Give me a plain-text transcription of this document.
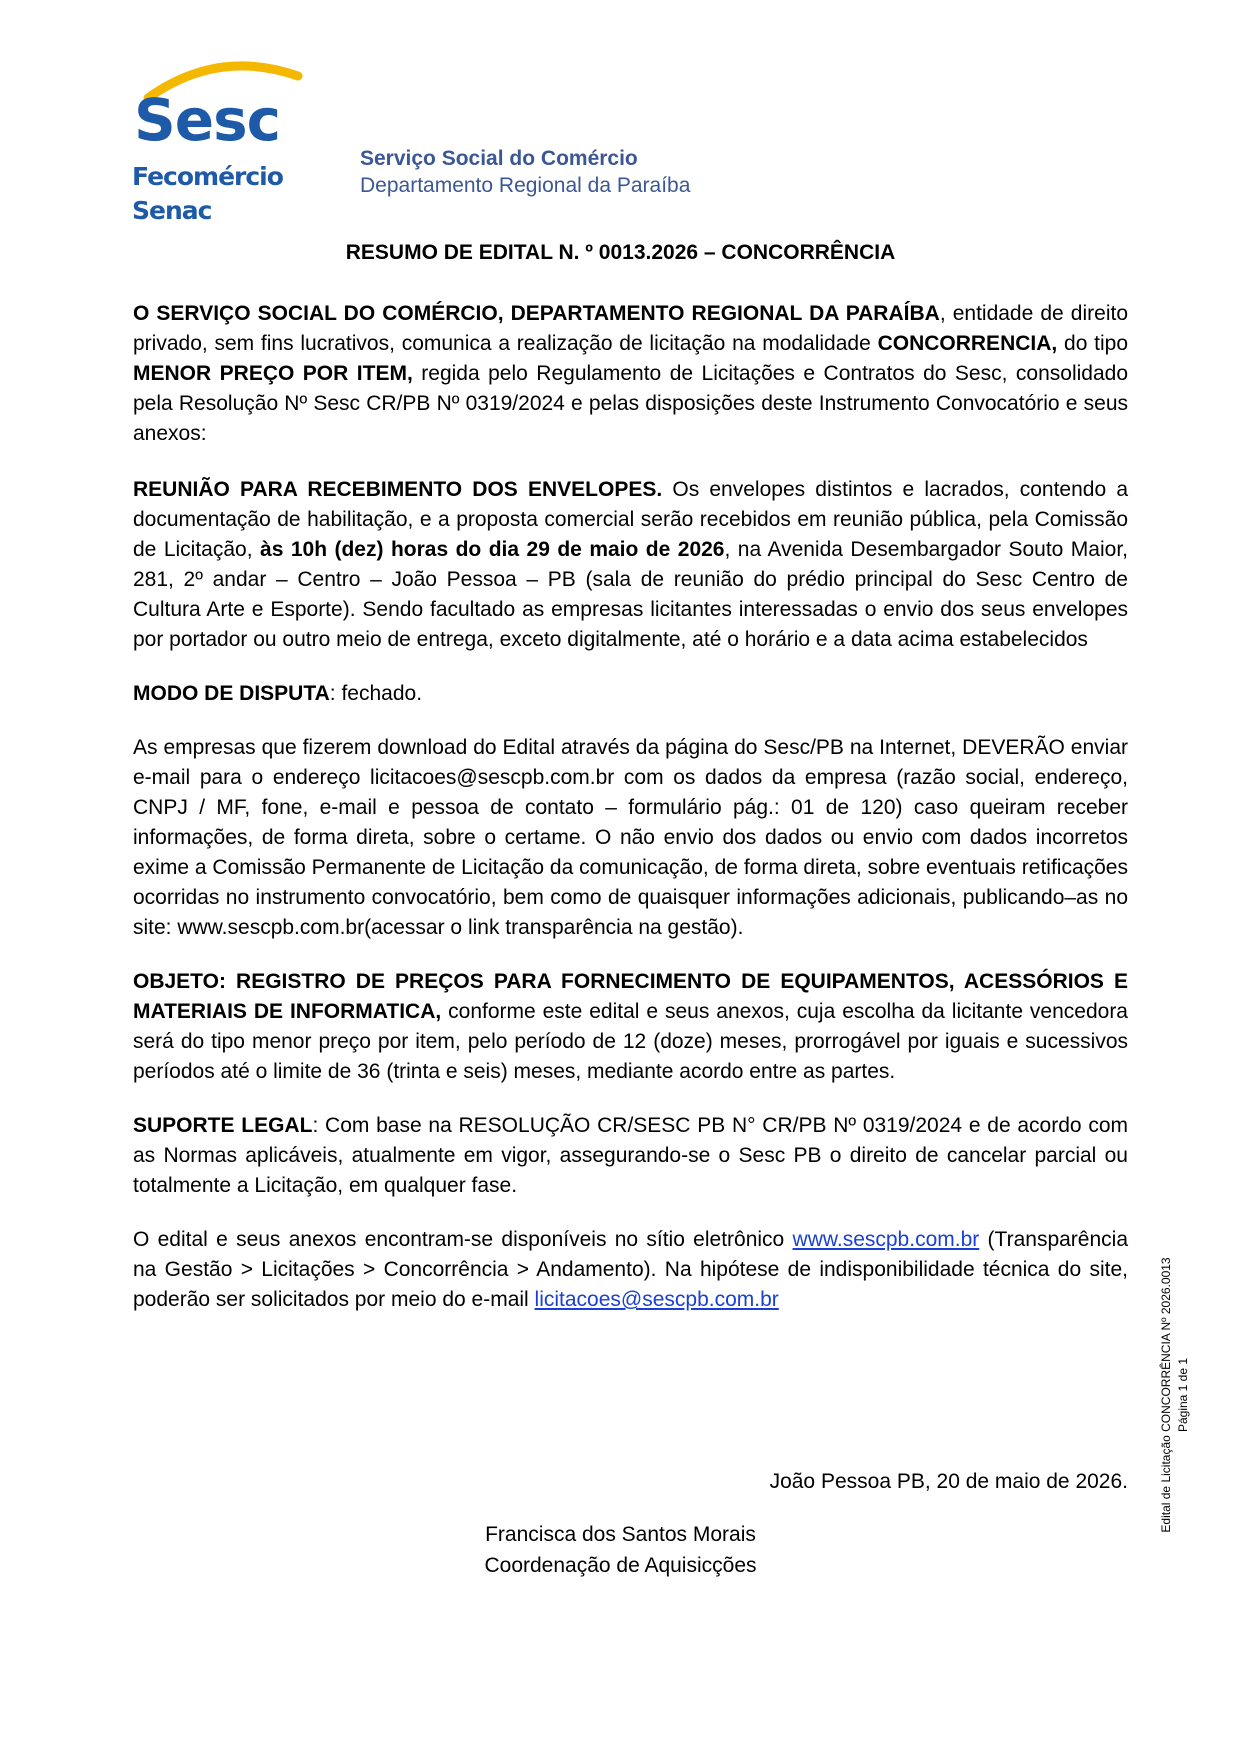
Sesc
Fecomércio
Senac
Serviço Social do Comércio
Departamento Regional da Paraíba
RESUMO DE EDITAL N. º 0013.2026 – CONCORRÊNCIA

O SERVIÇO SOCIAL DO COMÉRCIO, DEPARTAMENTO REGIONAL DA PARAÍBA, entidade de direito privado, sem fins lucrativos, comunica a realização de licitação na modalidade CONCORRENCIA, do tipo MENOR PREÇO POR ITEM, regida pelo Regulamento de Licitações e Contratos do Sesc, consolidado pela Resolução Nº Sesc CR/PB Nº 0319/2024 e pelas disposições deste Instrumento Convocatório e seus anexos:

REUNIÃO PARA RECEBIMENTO DOS ENVELOPES. Os envelopes distintos e lacrados, contendo a documentação de habilitação, e a proposta comercial serão recebidos em reunião pública, pela Comissão de Licitação, às 10h (dez) horas do dia 29 de maio de 2026, na Avenida Desembargador Souto Maior, 281, 2º andar – Centro – João Pessoa – PB (sala de reunião do prédio principal do Sesc Centro de Cultura Arte e Esporte). Sendo facultado as empresas licitantes interessadas o envio dos seus envelopes por portador ou outro meio de entrega, exceto digitalmente, até o horário e a data acima estabelecidos

MODO DE DISPUTA: fechado.

As empresas que fizerem download do Edital através da página do Sesc/PB na Internet, DEVERÃO enviar e-mail para o endereço licitacoes@sescpb.com.br com os dados da empresa (razão social, endereço, CNPJ / MF, fone, e-mail e pessoa de contato – formulário pág.: 01 de 120) caso queiram receber informações, de forma direta, sobre o certame. O não envio dos dados ou envio com dados incorretos exime a Comissão Permanente de Licitação da comunicação, de forma direta, sobre eventuais retificações ocorridas no instrumento convocatório, bem como de quaisquer informações adicionais, publicando–as no site: www.sescpb.com.br(acessar o link transparência na gestão).

OBJETO: REGISTRO DE PREÇOS PARA FORNECIMENTO DE EQUIPAMENTOS, ACESSÓRIOS E MATERIAIS DE INFORMATICA, conforme este edital e seus anexos, cuja escolha da licitante vencedora será do tipo menor preço por item, pelo período de 12 (doze) meses, prorrogável por iguais e sucessivos períodos até o limite de 36 (trinta e seis) meses, mediante acordo entre as partes.

SUPORTE LEGAL: Com base na RESOLUÇÃO CR/SESC PB N° CR/PB Nº 0319/2024 e de acordo com as Normas aplicáveis, atualmente em vigor, assegurando-se o Sesc PB o direito de cancelar parcial ou totalmente a Licitação, em qualquer fase.

O edital e seus anexos encontram-se disponíveis no sítio eletrônico www.sescpb.com.br (Transparência na Gestão > Licitações > Concorrência > Andamento). Na hipótese de indisponibilidade técnica do site, poderão ser solicitados por meio do e-mail licitacoes@sescpb.com.br

João Pessoa PB, 20 de maio de 2026.
Francisca dos Santos Morais
Coordenação de Aquisicções
Edital de Licitação CONCORRÊNCIA Nº 2026.0013 Página 1 de 1
